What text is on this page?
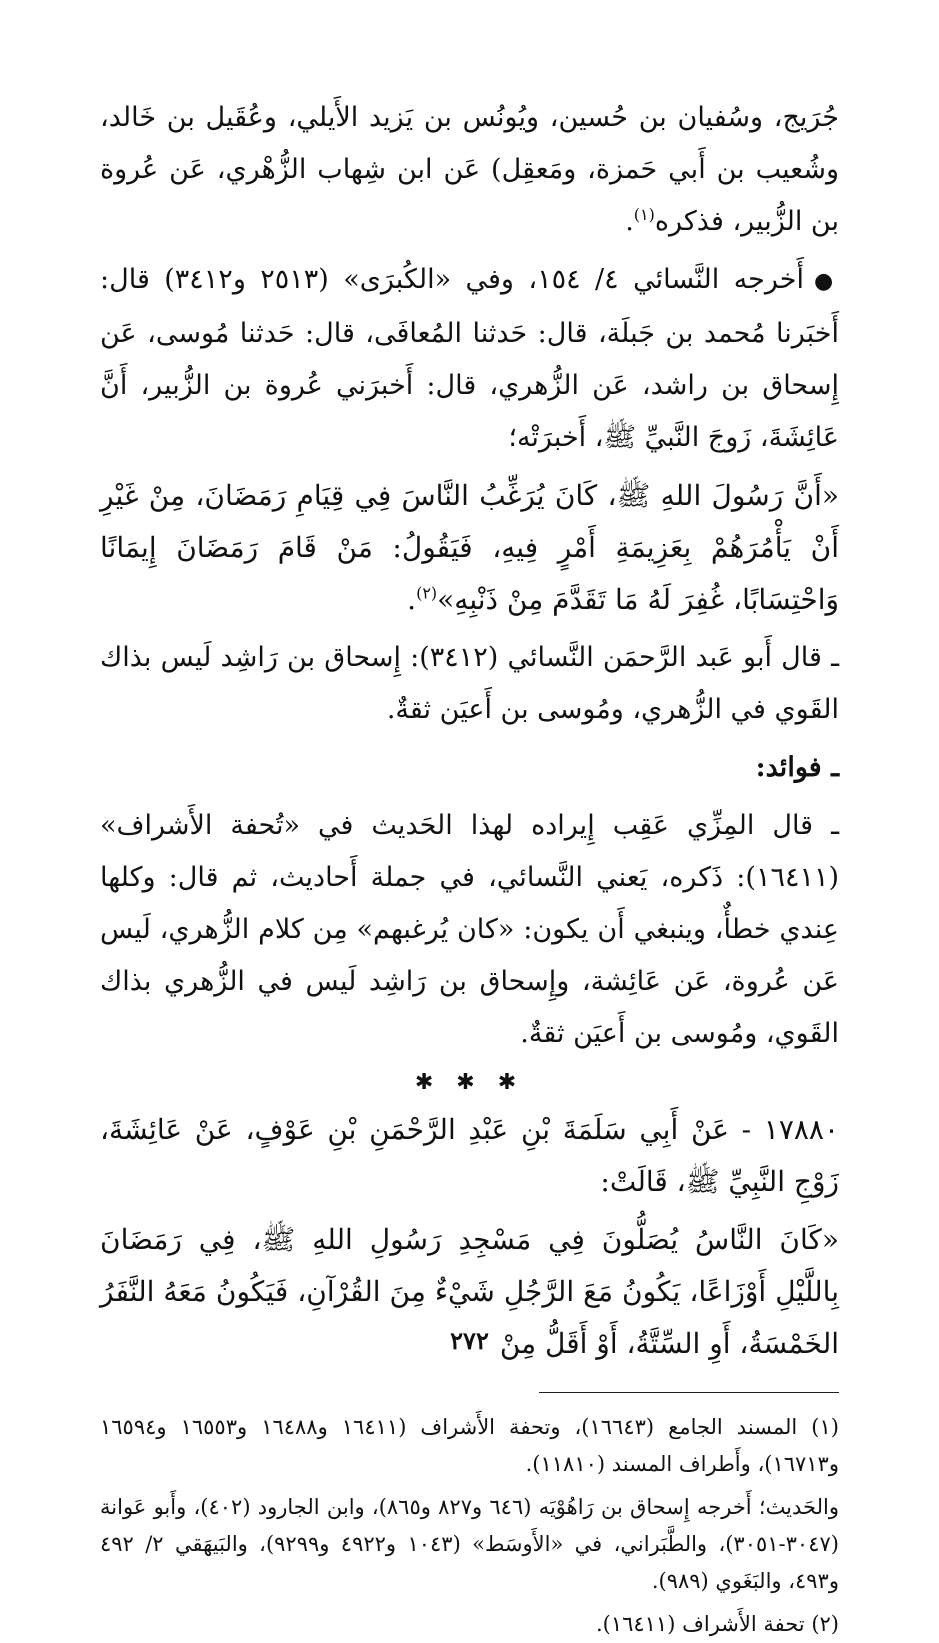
جُرَيج، وسُفيان بن حُسين، ويُونُس بن يَزيد الأَيلي، وعُقَيل بن خَالد، وشُعيب بن أَبي حَمزة، ومَعقِل) عَن ابن شِهاب الزُّهْري، عَن عُروة بن الزُّبير، فذكره$^{(١)}$.

●أَخرجه النَّسائي ٤/ ١٥٤، وفي «الكُبرَى» (٢٥١٣ و٣٤١٢) قال: أَخبَرنا مُحمد بن جَبلَة، قال: حَدثنا المُعافَى، قال: حَدثنا مُوسى، عَن إِسحاق بن راشد، عَن الزُّهري، قال: أَخبرَني عُروة بن الزُّبير، أَنَّ عَائِشَةَ، زَوجَ النَّبيِّ ﷺ، أَخبرَتْه؛

«أَنَّ رَسُولَ اللهِ ﷺ، كَانَ يُرَغِّبُ النَّاسَ فِي قِيَامِ رَمَضَانَ، مِنْ غَيْرِ أَنْ يَأْمُرَهُمْ بِعَزِيمَةِ أَمْرٍ فِيهِ، فَيَقُولُ: مَنْ قَامَ رَمَضَانَ إِيمَانًا وَاحْتِسَابًا، غُفِرَ لَهُ مَا تَقَدَّمَ مِنْ ذَنْبِهِ»$^{(٢)}$.

ـ قال أَبو عَبد الرَّحمَن النَّسائي (٣٤١٢): إِسحاق بن رَاشِد لَيس بذاك القَوي في الزُّهري، ومُوسى بن أَعيَن ثقةٌ.

ـ فوائد:

ـ قال المِزِّي عَقِب إِيراده لهذا الحَديث في «تُحفة الأَشراف» (١٦٤١١): ذَكره، يَعني النَّسائي، في جملة أَحاديث، ثم قال: وكلها عِندي خطأٌ، وينبغي أَن يكون: «كان يُرغبهم» مِن كلام الزُّهري، لَيس عَن عُروة، عَن عَائِشة، وإِسحاق بن رَاشِد لَيس في الزُّهري بذاك القَوي، ومُوسى بن أَعيَن ثقةٌ.

✱ ✱ ✱

١٧٨٨٠ - عَنْ أَبِي سَلَمَةَ بْنِ عَبْدِ الرَّحْمَنِ بْنِ عَوْفٍ، عَنْ عَائِشَةَ، زَوْجِ النَّبِيِّ ﷺ، قَالَتْ:

«كَانَ النَّاسُ يُصَلُّونَ فِي مَسْجِدِ رَسُولِ اللهِ ﷺ، فِي رَمَضَانَ بِاللَّيْلِ أَوْزَاعًا، يَكُونُ مَعَ الرَّجُلِ شَيْءٌ مِنَ القُرْآنِ، فَيَكُونُ مَعَهُ النَّفَرُ الخَمْسَةُ، أَوِ السِّتَّةُ، أَوْ أَقَلُّ مِنْ

(١) المسند الجامع (١٦٦٤٣)، وتحفة الأَشراف (١٦٤١١ و١٦٤٨٨ و١٦٥٥٣ و١٦٥٩٤ و١٦٧١٣)، وأَطراف المسند (١١٨١٠).

والحَديث؛ أَخرجه إِسحاق بن رَاهُوْيَه (٦٤٦ و٨٢٧ و٨٦٥)، وابن الجارود (٤٠٢)، وأَبو عَوانة (٣٠٤٧-٣٠٥١)، والطَّبَراني، في «الأَوسَط» (١٠٤٣ و٤٩٢٢ و٩٢٩٩)، والبَيهَقي ٢/ ٤٩٢ و٤٩٣، والبَغَوي (٩٨٩).

(٢) تحفة الأَشراف (١٦٤١١).

٢٧٢
